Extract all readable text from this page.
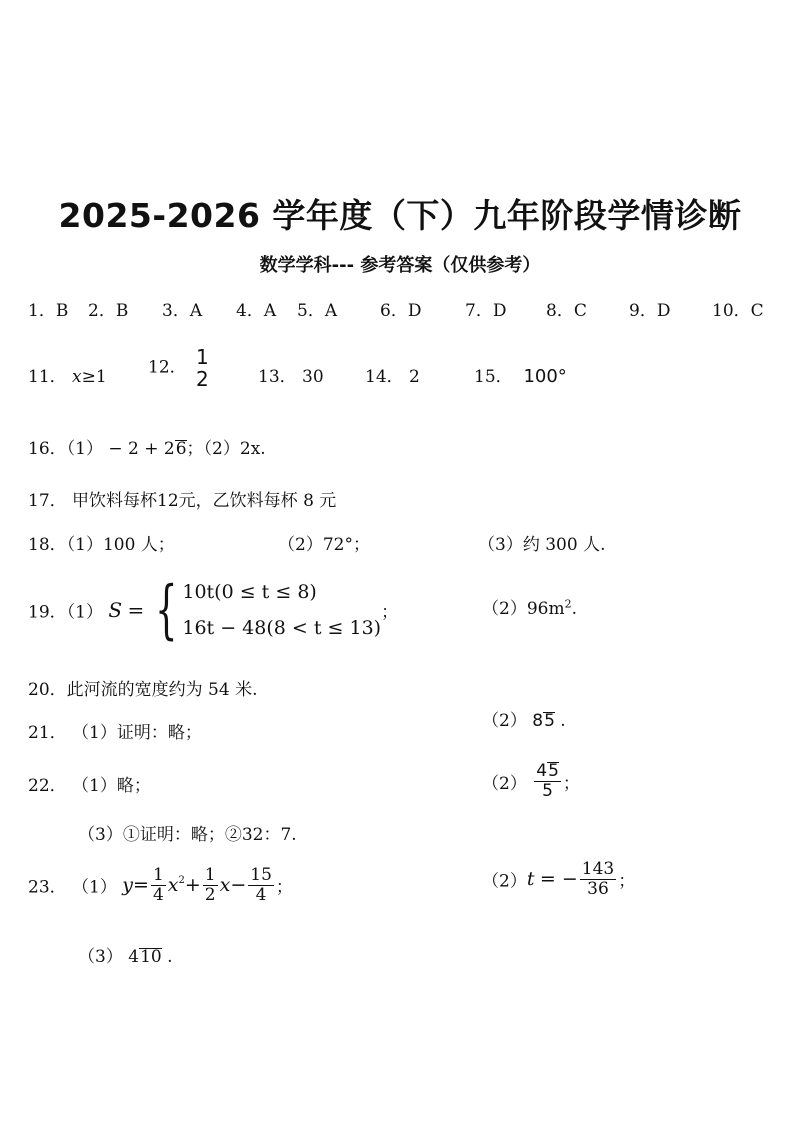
2025-2026 学年度（下）九年阶段学情诊断
数学学科--- 参考答案（仅供参考）
1．B 2．B 3．A 4．A 5．A	6．D	7．D 8．C 9．D 10．C
11． x≥1 12． 1
2	13． 30 14． 2	15． 100°
16．（1） − 2 + 26；（2）2x.
17． 甲饮料每杯12元，乙饮料每杯 8 元
18．（1）100 人；	（2）72°；	（3）约 300 人.
19．（1） S = { 10t(0 ≤ t ≤ 8)
16t − 48(8 < t ≤ 13)；	$(2)96m^2$.
20．此河流的宽度约为 54 米.
21． （1）证明：略；
（2） 85 .
22． （1）略；	$(2) \frac{45}{5}$ ；
（3）①证明：略；②32：7.
23． （1） $y= \frac{1}{4} x^2+ \frac{1}{2} x- \frac{15}{4}$ ；	（2）t = − $\frac{143}{36}$ ；
（3） 410 .
